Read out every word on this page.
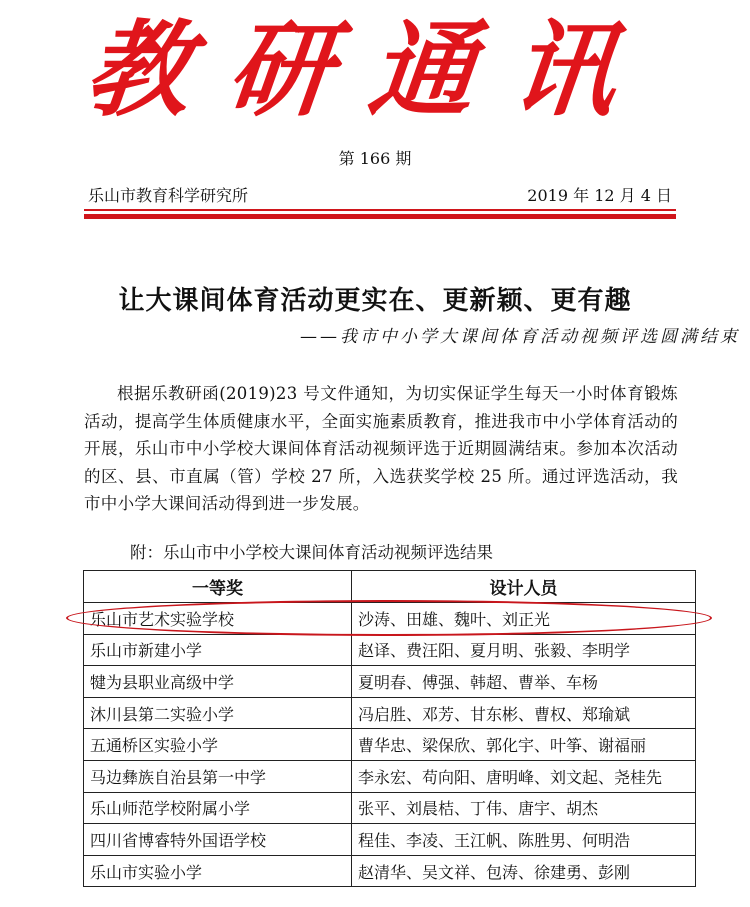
教研通讯
第 166 期
乐山市教育科学研究所	2019 年 12 月 4 日
让大课间体育活动更实在、更新颖、更有趣
——我市中小学大课间体育活动视频评选圆满结束
根据乐教研函(2019)23 号文件通知，为切实保证学生每天一小时体育锻炼活动，提高学生体质健康水平，全面实施素质教育，推进我市中小学体育活动的开展，乐山市中小学校大课间体育活动视频评选于近期圆满结束。参加本次活动的区、县、市直属（管）学校 27 所，入选获奖学校 25 所。通过评选活动，我市中小学大课间活动得到进一步发展。
附：乐山市中小学校大课间体育活动视频评选结果
一等奖	设计人员
乐山市艺术实验学校	沙涛、田雄、魏叶、刘正光
乐山市新建小学	赵译、费汪阳、夏月明、张毅、李明学
犍为县职业高级中学	夏明春、傅强、韩超、曹举、车杨
沐川县第二实验小学	冯启胜、邓芳、甘东彬、曹权、郑瑜斌
五通桥区实验小学	曹华忠、梁保欣、郭化宇、叶筝、谢福丽
马边彝族自治县第一中学	李永宏、苟向阳、唐明峰、刘文起、尧桂先
乐山师范学校附属小学	张平、刘晨桔、丁伟、唐宇、胡杰
四川省博睿特外国语学校	程佳、李凌、王江帆、陈胜男、何明浩
乐山市实验小学	赵清华、吴文祥、包涛、徐建勇、彭刚
